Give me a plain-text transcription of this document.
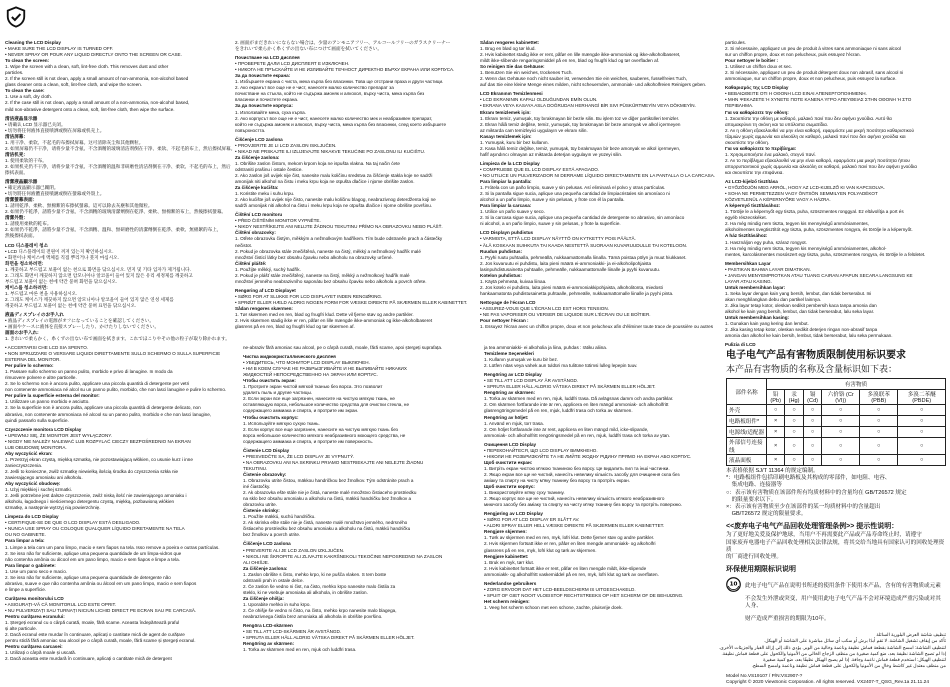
Cleaning the LCD Display

• MAKE SURE THE LCD DISPLAY IS TURNED OFF.

• NEVER SPRAY OR POUR ANY LIQUID DIRECTLY ONTO THE SCREEN OR CASE.

To clean the screen:

1. Wipe the screen with a clean, soft, lint-free cloth. This removes dust and other

particles.

2. If the screen still is not clean, apply a small amount of non-ammonia, non-alcohol based

glass cleaner onto a clean, soft, lint-free cloth, and wipe the screen.

To clean the case:

1. Use a soft, dry cloth.

2. If the case still is not clean, apply a small amount of a non-ammonia, non-alcohol based,

mild non-abrasive detergent onto a clean, soft, lint-free cloth, then wipe the surface.

清洁液晶显示器

• 请确认 LCD 显示器已关闭。

• 切勿将任何液体直接喷洒或倒在屏幕或机壳上。

清洁屏幕：

1. 用干净、柔软、不起毛的布擦拭屏幕。这可清除灰尘和其他颗粒。

2. 如果屏幕仍不干净，请将少量不含氨、不含酒精的玻璃清洁剂倒在干净、柔软、不起毛的布上，然后擦拭屏幕。

清洁机壳：

1. 使用柔软的干布。

2. 如果机壳仍不干净，请将少量不含氨、不含酒精的温和非研磨性清洁剂倒在干净、柔软、不起毛的布上，然后

擦拭表面。

清潔液晶顯示器

• 確定液晶顯示器已關閉。

• 切勿將任何液體直接噴灑或倒在螢幕或外殼上。

清潔螢幕表面：

1. 請用乾淨、柔軟、無棉絮的布擦拭螢幕。這可以除去灰塵和其他微粒。

2. 如果仍不乾淨，請將少量不含氨、不含酒精的玻璃清潔劑倒在乾淨、柔軟、無棉絮的布上，然後擦拭螢幕。

清潔外殼：

1. 請使用柔軟的乾布。

2. 如果仍不乾淨，請將少量不含氨、不含酒精、溫和、無研磨性的清潔劑倒在乾淨、柔軟、無棉絮的布上，

然後擦拭表面。

LCD 디스플레이 청소

• LCD 디스플레이의 전원이 꺼져 있는지 확인하십시오.

• 화면이나 케이스에 액체를 직접 뿌리거나 붓지 마십시오.

화면을 청소하려면:

1. 깨끗하고 부드럽고 보풀이 없는 천으로 화면을 닦으십시오. 먼지 및 기타 입자가 제거됩니다.

2. 그래도 화면이 깨끗하지 않으면 암모니아나 알코올이 들어 있지 않은 유리 세정제를 깨끗하고

부드럽고 보풀이 없는 천에 약간 묻혀 화면을 닦으십시오.

케이스를 청소하려면:

1. 부드럽고 마른 천을 사용하십시오.

2. 그래도 케이스가 깨끗하지 않으면 암모니아나 알코올이 들어 있지 않은 연성 세제를

깨끗하고 부드럽고 보풀이 없는 천에 약간 묻혀 표면을 닦으십시오.

液晶ディスプレイのお手入れ

• 液晶ディスプレイの電源がオフになっていることを確認してください。

• 画面やケースに液体を直接スプレーしたり、かけたりしないでください。

画面のお手入れ:

1. きれいで柔らかく、糸くずの出ない布で画面を拭きます。これでほこりやその他の粒子が取り除かれます。

2. 画面がまだきれいにならない場合は、少量のアンモニアフリー、アルコールフリーのガラスクリーナー

をきれいで柔らかく糸くずの出ない布につけて画面を拭いてください。

Почистване на LCD дисплея

• ПРОВЕРЕТЕ ДАЛИ LCD ДИСПЛЕЯТ Е ИЗКЛЮЧЕН.

• НИКОГА НЕ ПРЪСКАЙТЕ И НЕ ИЗЛИВАЙТЕ ТЕЧНОСТ ДИРЕКТНО ВЪРХУ ЕКРАНА ИЛИ КОРПУСА.

За да почистите екрана:

1. Избършете екрана с чиста, мека кърпа без власинки. Това ще отстрани праха и други частици.

2. Ако екранът все още не е чист, нанесете малко количество препарат за

почистване на стъкла, който не съдържа амоняк и алкохол, върху чиста, мека кърпа без

власинки и почистете екрана.

За да почистите корпуса:

1. Използвайте мека, суха кърпа.

2. Ако корпусът все още не е чист, нанесете малко количество мек и неабразивен препарат,

който не съдържа амоняк и алкохол, върху чиста, мека кърпа без власинки, след което избършете

повърхността.

Čišćenje LCD zaslona

• PROVJERITE JE LI LCD ZASLON ISKLJUČEN.

• NIKAD NE PRSKAJTE ILI IZLIJEVAJTE NIKAKVE TEKUĆINE PO ZASLONU ILI KUĆIŠTU.

Za čišćenje zaslona:

1. Obrišite zaslon čistom, mekom krpom koja ne ispušta vlakna. Na taj način ćete

odstraniti prašinu i ostale čestice.

2. Ako zaslon još uvijek nije čist, nanesite malu količinu sredstva za čišćenje stakla koje ne sadrži

amonijak niti alkohol na čistu i meku krpu koja ne otpušta dlačice i njome obrišite zaslon.

Za čišćenje kućišta:

1. Koristite meku i suhu krpu.

2. Ako kućište još uvijek nije čisto, nanesite malu količinu blagog, neabrazivnog deterdženta koji ne

sadrži amonijak niti alkohol na čistu i meku krpu koja ne otpušta dlačice i njome obrišite površinu.

Čištění LCD monitoru

• PŘED ČIŠTĚNÍM MONITOR VYPNĚTE.

• NIKDY NESTŘÍKEJTE ANI NELIJTE ŽÁDNOU TEKUTINU PŘÍMO NA OBRAZOVKU NEBO PLÁŠŤ.

Čištění obrazovky:

1. Otřete obrazovku čistým, měkkým a nežmolkovým hadříkem. Tím bude odstraněn prach a částečky

nečistot.

2. Pokud je obrazovka stále znečištěná, naneste na čistý, měkký a nežmolkový hadřík malé

množství čisticí látky bez obsahu čpavku nebo alkoholu na obrazovky určené.

Čištění pláště:

1. Použijte měkký, suchý hadřík.

2. Pokud je plášť stále znečištěný, naneste na čistý, měkký a nežmolkový hadřík malé

množství jemného neabrazivního saponátu bez obsahu čpavku nebo alkoholu a povrch otřete.

Rengøring af LCD Displayet

• SØRG FOR AT SLUKKE FOR LCD DISPLAYET INDEN RENGØRING.

• SPRØJT ELLER HÆLD ALDRIG NOGEN FORM FOR VÆSKE DIREKTE PÅ SKÆRMEN ELLER KABINETTET.

Sådan rengøres skærmen:

1. Tør skærmen med en ren, blød og fnugfri klud. Dette vil fjerne støv og andre partikler.

2. Hvis skærmen stadig ikke er ren, påfør en lille mængde ikke-ammoniak og ikke-alkoholbaseret

glasrens på en ren, blød og fnugfri klud og tør skærmen af.

Sådan rengøres kabinettet:

1. Brug en blød og tør klud.

2. Hvis kabinettet stadig ikke er rent, påfør en lille mængde ikke-ammoniak og ikke-alkoholbaseret,

mildt ikke-slibende rengøringsmiddel på en ren, blød og fnugfri klud og tør overfladen af.

So reinigen Sie das Gehäuse:

1. Benutzen Sie ein weiches, trockenes Tuch.

2. Wenn das Gehäuse noch nicht sauber ist, verwenden Sie ein weiches, sauberes, fusselfreies Tuch,

auf das Sie eine kleine Menge eines milden, nicht scheuernden, ammoniak- und alkoholfreien Reinigers geben.

LCD Ekranının Temizlenmesi

• LCD EKRANININ KAPALI OLDUĞUNDAN EMİN OLUN.

• EKRANA VEYA KASAYA ASLA DOĞRUDAN HERHANGİ BİR SIVI PÜSKÜRTMEYİN VEYA DÖKMEYİN.

Ekranı temizlemek için:

1. Ekranı temiz, yumuşak, tüy bırakmayan bir bezle silin. Bu işlem toz ve diğer partikülleri temizler.

2. Ekran hâlâ temiz değilse, temiz, yumuşak, tüy bırakmayan bir beze amonyak ve alkol içermeyen

az miktarda cam temizleyici uygulayın ve ekranı silin.

Kasayı temizlemek için:

1. Yumuşak, kuru bir bez kullanın.

2. Kasa hâlâ temiz değilse, temiz, yumuşak, tüy bırakmayan bir beze amonyak ve alkol içermeyen,

hafif aşındırıcı olmayan az miktarda deterjan uygulayın ve yüzeyi silin.

Limpieza de la LCD Display

• COMPRUEBE QUE EL LCD DISPLAY ESTÁ APAGADO.

• NO UTILICE UN PULVERIZADOR NI DERRAME LÍQUIDO DIRECTAMENTE EN LA PANTALLA O LA CARCASA.

Para limpiar la pantalla:

1. Frótela con un paño limpio, suave y sin pelusas. Así eliminará el polvo y otras partículas.

2. Si la pantalla sigue sucia, aplique una pequeña cantidad de limpiacristales sin amoníaco ni

alcohol a un paño limpio, suave y sin pelusas, y frote con él la pantalla.

Para limpiar la carcasa:

1. Utilice un paño suave y seco.

2. Si la carcasa sigue sucia, aplique una pequeña cantidad de detergente no abrasivo, sin amoníaco

ni alcohol, a un paño limpio, suave y sin pelusas, y frote la superficie.

LCD Displayn puhdistus

• VARMISTA, ETTÄ LCD DISPLAY NÄYTTÖ ON KYTKETTY POIS PÄÄLTÄ.

• ÄLÄ KOSKAAN SUIHKUTA TAI KAADA NESTETTÄ SUORAAN KUVARUUDULLE TAI KOTELOON.

Ruudun puhdistus:

1. Pyyhi ruutu puhtaalla, pehmeällä, nukkaamattomalla liinalla. Tämä poistaa pölyn ja muut hiukkaset.

2. Jos kuvaruutu ei puhdistu, laita pieni määrä ei-ammoniakki- ja ei-alkoholipohjaista

lasinpuhdistusainetta puhtaalle, pehmeälle, nukkaamattomalle liinalle ja pyyhi kuvaruutu.

Kotelon puhdistus:

1. Käytä pehmeää, kuivaa liinaa.

2. Jos kotelo ei puhdistu, laita pieni määrä ei-ammoniakkipohjaista, alkoholitonta, miedosti

hankaamatonta puhdistusainetta puhtaalle, pehmeälle, nukkaamattomalle liinalle ja pyyhi pinta.

Nettoyage de l'écran LCD

• ASSUREZ-VOUS QUE L'ÉCRAN LCD EST HORS TENSION.

• NE PAS VAPORISER OU VERSER DE LIQUIDE SUR L'ÉCRAN OU LE BOÎTIER.

Pour nettoyer l'écran :

1. Essuyez l'écran avec un chiffon propre, doux et non pelucheux afin d'éliminer toute trace de poussière ou autres

particules.

2. Si nécessaire, appliquez un peu de produit à vitres sans ammoniaque ni sans alcool

sur un chiffon propre, doux et non pelucheux, puis essuyez l'écran.

Pour nettoyer le boîtier :

1. Utilisez un chiffon doux et sec.

2. Si nécessaire, appliquez un peu de produit détergent doux non abrasif, sans alcool ni

ammoniaque, sur un chiffon propre, doux et non pelucheux, puis essuyez la surface.

Καθαρισμός της LCD Display

• ΒΕΒΑΙΩΘΕΙΤΕ ΟΤΙ Η ΟΘΟΝΗ LCD ΕΙΝΑΙ ΑΠΕΝΕΡΓΟΠΟΙΗΜΕΝΗ.

• ΜΗΝ ΨΕΚΑΖΕΤΕ Ή ΧΥΝΕΤΕ ΠΟΤΕ ΚΑΝΕΝΑ ΥΓΡΟ ΑΠΕΥΘΕΙΑΣ ΣΤΗΝ ΟΘΟΝΗ Ή ΣΤΟ

ΠΕΡΙΒΛΗΜΑ.

Για να καθαρίσετε την οθόνη:

1. Σκουπίστε την οθόνη με καθαρό, μαλακό πανί που δεν αφήνει χνούδια. Αυτό θα

απομακρύνει τη σκόνη και τα υπόλοιπα σωματίδια.

2. Αν η οθόνη εξακολουθεί να μην είναι καθαρή, εφαρμόστε μια μικρή ποσότητα καθαριστικού

τζαμιών χωρίς αμμωνία και αλκοόλη σε καθαρό, μαλακό πανί που δεν αφήνει χνούδια και

σκουπίστε την οθόνη.

Για να καθαρίσετε το περίβλημα:

1. Χρησιμοποιήστε ένα μαλακό, στεγνό πανί.

2. Αν το περίβλημα εξακολουθεί να μην είναι καθαρό, εφαρμόστε μια μικρή ποσότητα ήπιου

απορρυπαντικού χωρίς αμμωνία και αλκοόλη σε καθαρό, μαλακό πανί που δεν αφήνει χνούδια

και σκουπίστε την επιφάνεια.

Az LCD-kijelző tisztítása

• GYŐZŐDJÖN MEG ARRÓL, HOGY AZ LCD-KIJELZŐ KI VAN KAPCSOLVA.

• SOHA NE PERMETEZZEN VAGY ÖNTSÖN SEMMILYEN FOLYADÉKOT

KÖZVETLENÜL A KÉPERNYŐRE VAGY A HÁZRA.

A képernyő tisztításához:

1. Törölje le a képernyőt egy tiszta, puha, szöszmentes ronggyal. Ez eltávolítja a port és

egyéb részecskéket.

2. Ha még mindig nem tiszta, tegyen kis mennyiségű ammóniamentes,

alkoholmentes üvegtisztítót egy tiszta, puha, szöszmentes rongyra, és törölje le a képernyőt.

A ház tisztításához:

1. Használjon egy puha, száraz rongyot.

2. Ha még mindig nem tiszta, tegyen kis mennyiségű ammóniamentes, alkohol-

mentes, karcolásmentes mosószert egy tiszta, puha, szöszmentes rongyra, és törölje le a felületet.

Membersihkan Layar

• PASTIKAN BAHWA LAYAR DIMATIKAN.

• JANGAN MENYEMPROTKAN ATAU TUANG CAIRAN APAPUN SECARA LANGSUNG KE

LAYAR ATAU KASING.

Untuk membersihkan layar:

1. Seka layar dengan kain yang bersih, lembut, dan tidak berserabut. Ini

akan menghilangkan debu dan partikel lainnya.

2. Jika layar tetap kotor, oleskan sedikit pembersih kaca tanpa amonia dan

alkohol ke kain yang bersih, lembut, dan tidak berserabut, lalu seka layar.

Untuk membersihkan kasing:

1. Gunakan kain yang kering dan lembut.

2. Jika kasing tetap kotor, oleskan sedikit deterjen ringan non-abrasif tanpa

amonia dan alkohol ke kain bersih, lembut, tidak berserabut, lalu seka permukaan.

Pulizia di LCD

• ACCERTARSI CHE LCD SIA SPENTO.

• NON SPRUZZARE O VERSARE LIQUIDI DIRETTAMENTE SULLO SCHERMO O SULLA SUPERFICIE

ESTERNA DEL MONITOR.

Per pulire lo schermo:

1. Passare sullo schermo un panno pulito, morbido e privo di lanugine. In modo da

rimuovere polvere e altre particelle.

2. Se lo schermo non è ancora pulito, applicare una piccola quantità di detergente per vetri

non contenente ammoniaca né alcol su un panno pulito, morbido, che non lasci lanugine e pulire lo schermo.

Per pulire la superficie esterna del monitor:

1. Utilizzare un panno morbido e asciutto.

2. Se la superficie non è ancora pulita, applicare una piccola quantità di detergente delicato, non

abrasivo, non contenente ammoniaca né alcool su un panno pulito, morbido e che non lasci lanugine,

quindi passarlo sulla superficie.

Czyszczenie monitora LCD Display

• UPEWNIJ SIĘ, ŻE MONITOR JEST WYŁĄCZONY.

• NIGDY NIE NALEŻY NALEWAĆ LUB ROZPYLAĆ CIECZY BEZPOŚREDNIO NA EKRAN

LUB OBUDOWĘ MONITORA.

Aby wyczyścić ekran:

1. Przetrzyj ekran czystą, miękką szmatką, nie pozostawiającą włókien, co usunie kurz i inne

zanieczyszczenia.

2. Jeśli to konieczne, zwilż szmatkę niewielką ilością środka do czyszczenia szkła nie

zawierającego amoniaku ani alkoholu.

Aby wyczyścić obudowę:

1. Użyj miękkiej i suchej szmatki.

2. Jeśli potrzebne jest dalsze czyszczenie, zwilż niską ilość nie zawierającego amoniaku i

alkoholu, łagodnego i nieściernego detergentu czystą, miękką, pozbawioną włókien

szmatkę, a następnie wytrzyj nią powierzchnię.

Limpeza do LCD Display

• CERTIFIQUE-SE DE QUE O LCD DISPLAY ESTÁ DESLIGADO.

• NUNCA USE SPRAY OU COLOQUE QUALQUER LÍQUIDO DIRETAMENTE NA TELA

OU NO GABINETE.

Para limpar a tela:

1. Limpe a tela com um pano limpo, macio e sem fiapos na tela. Isso remove a poeira e outras partículas.

2. Se isso não for suficiente, aplique uma pequena quantidade de um limpa-vidros que

não contenha amônia ou álcool em um pano limpo, macio e sem fiapos e limpe a tela.

Para limpar o gabinete:

1. Use um pano seco e macio.

2. Se isso não for suficiente, aplique uma pequena quantidade de detergente não

abrasivo, suave e que não contenha amônia ou álcool em um pano limpo, macio e sem fiapos

e limpe a superfície.

Curățarea monitorului LCD

• ASIGURAȚI-VĂ CĂ MONITORUL LCD ESTE OPRIT.

• NU PULVERIZAȚI SAU TURNAȚI NICIUN LICHID DIRECT PE ECRAN SAU PE CARCASĂ.

Pentru curățarea ecranului:

1. Ștergeți ecranul cu o cârpă curată, moale, fără scame. Aceasta îndepărtează praful

și alte particule.

2. Dacă ecranul este murdar în continuare, aplicați o cantitate mică de agent de curățare

pentru sticlă fără amoniac sau alcool pe o cârpă curată, moale, fără scame și ștergeți ecranul.

Pentru curățarea carcasei:

1. Utilizați o cârpă moale și uscată.

2. Dacă aceasta este murdară în continuare, aplicați o cantitate mică de detergent

ne-abraziv fără amoniac sau alcool, pe o cârpă curată, moale, fără scame, apoi ștergeți suprafața.

Чистка жидкокристаллического дисплея

• УБЕДИТЕСЬ, ЧТО МОНИТОР LCD DISPLAY ВЫКЛЮЧЕН.

• НИ В КОЕМ СЛУЧАЕ НЕ РАЗБРЫЗГИВАЙТЕ И НЕ ВЫЛИВАЙТЕ НИКАКИХ

ЖИДКОСТЕЙ НЕПОСРЕДСТВЕННО НА ЭКРАН ИЛИ КОРПУС.

Чтобы очистить экран:

1. Протрите экран чистой мягкой тканью без ворса. Это позволит

удалить пыль и другие частицы.

2. Если экран все еще загрязнен, нанесите на чистую мягкую ткань, не

оставляющую ворса, небольшое количество средства для очистки стекла, не

содержащего аммиака и спирта, и протрите им экран.

Чтобы очистить корпус:

1. Используйте мягкую сухую ткань.

2. Если корпус все еще загрязнен, нанесите на чистую мягкую ткань без

ворса небольшое количество мягкого неабразивного моющего средства, не

содержащего аммиака и спирта, и протрите им поверхность.

Čistenie LCD Display

• PRESVEDČTE SA, ŽE LCD DISPLAY JE VYPNUTÝ.

• NA OBRAZOVKU ANI NA SKRINKU PRIAMO NESTRIEKAJTE ANI NELEJTE ŽIADNU

TEKUTINU.

Čistenie obrazovky:

1. Obrazovku utrite čistou, mäkkou handričkou bez žmolkov. Tým odstránite prach a

iné čiastočky.

2. Ak obrazovka ešte stále nie je čistá, naneste malé množstvo čistiaceho prostriedku

na sklo bez obsahu amoniaku a alkoholu na čistú, mäkkú handričku bez žmolkov a

obrazovku utrite.

Čistenie skrinky:

1. Použite mäkkú, suchú handričku.

2. Ak skrinka ešte stále nie je čistá, naneste malé množstvo jemného, nedrsného

čistiaceho prostriedku bez obsahu amoniaku a alkoholu na čistú, mäkkú handričku

bez žmolkov a povrch utrite.

Čiščenje LCD zaslona

• PREVERITE ALI JE LCD ZASLON IZKLJUČEN.

• NIKOLI NE ŠKROPITE ALI ZLIVAJTE KAKRŠNEKOLI TEKOČINE NEPOSREDNO NA ZASLON

ALI OHIŠJE.

Za čiščenje zaslona:

1. Zaslon obrišite s čisto, mehko krpo, ki ne pušča vlaken. S tem boste

odstranili prah in ostale delce.

2. Če zaslon še vedno ni čist, na čisto, mehko krpo nanesite malo čistila za

steklo, ki ne vsebuje amoniaka ali alkohola, in obrišite zaslon.

Za čiščenje ohišja:

1. Uporabite mehko in suho krpo.

2. Če ohišje še vedno ni čisto, na čisto, mehko krpo nanesite malo blagega,

neabrazivnega čistila brez amoniaka ali alkohola in obrišite površino.

Rengöra LCD-skärmen

• SE TILL ATT LCD-SKÄRMEN ÄR AVSTÄNGD.

• SPRUTA ELLER HÄLL ALDRIG VÄTSKA DIREKT PÅ SKÄRMEN ELLER HÖLJET.

Rengöring av skärmen:

1. Torka av skärmen med en ren, mjuk och luddfri trasa.

ja tea ammoniakki- ei alkoholia ja liina, puhdas : rätiku aliina.

Temizleme Seçenekleri

1. Kullanın yumuşak ve kuru bir bez.

2. Lütfen nitas veya vahek aun tuldüri ma tulitüne tütimsi lulleg lepepin tuuv.

Rengöring av LCD Display

• SE TILL ATT LCD DISPLAY ÄR AVSTÄNGD.

• SPRUTA ELLER HÄLL ALDRIG VÄTSKA DIREKT PÅ SKÄRMEN ELLER HÖLJET.

Rengöring av skärmen:

1. Torka av skärmen med en ren, mjuk, luddfri trasa. Då avlägsnas damm och andra partiklar.

2. Om skärmen fortfarande inte är ren, applicera en liten mängd ammoniak- och alkoholfritt

glasrengöringsmedel på en ren, mjuk, luddfri trasa och torka av skärmen.

Rengöring av höljet:

1. Använd en mjuk, torr trasa.

2. Om höljet fortfarande inte är rent, applicera en liten mängd mild, icke-slipande,

ammoniak- och alkoholfritt rengöringsmedel på en ren, mjuk, luddfri trasa och torka av ytan.

Очищення LCD Display

• ПЕРЕКОНАЙТЕСЯ, ЩО LCD DISPLAY ВИМКНЕНО.

• НІКОЛИ НЕ РОЗБРИЗКУЙТЕ ТА НЕ ЛИЙТЕ ЖОДНУ РІДИНУ ПРЯМО НА ЕКРАН АБО КОРПУС.

Щоб очистити екран:

1. Витріть екран чистою м'якою тканиною без ворсу. Це видалить пил та інші частинки.

2. Якщо екран все ще не чистий, нанесіть невелику кількість засобу для очищення скла без

аміаку та спирту на чисту м'яку тканину без ворсу та протріть екран.

Щоб очистити корпус:

1. Використовуйте м'яку суху тканину.

2. Якщо корпус все ще не чистий, нанесіть невелику кількість м'якого неабразивного

миючого засобу без аміаку та спирту на чисту м'яку тканину без ворсу та протріть поверхню.

Rengjøring av LCD Display

• SØRG FOR AT LCD DISPLAY ER SLÅTT AV.

• ALDRI SPRAY ELLER HELL VÆSKE DIREKTE PÅ SKJERMEN ELLER KABINETTET.

Rengjøre skjermen:

1. Tørk av skjermen med en ren, myk, lofri klut. Dette fjerner støv og andre partikler.

2. Hvis skjermen fortsatt ikke er ren, påfør en liten mengde ammoniakk- og alkoholfri

glassrens på en ren, myk, lofri klut og tørk av skjermen.

Rengjøre kabinettet:

1. Bruk en myk, tørr klut.

2. Hvis kabinettet fortsatt ikke er rent, påfør en liten mengde mildt, ikke-slipende

ammoniakk- og alkoholfritt vaskemiddel på en ren, myk, lofri klut og tørk av overflaten.

Nederlandse gebruikers

• ZORG ERVOOR DAT HET LCD-BEELDSCHERM IS UITGESCHAKELD.

• SPUIT OF GIET NOOIT VLOEISTOF RECHTSTREEKS OP HET SCHERM OF DE BEHUIZING.

Het scherm reinigen:

1. Veeg het scherm schoon met een schone, zachte, pluisvrije doek.

电子电气产品有害物质限制使用标识要求
本产品有害物质的名称及含量标识如下表：
部件名称	有害物质					
	铅 (Pb)	汞 (Hg)	镉 (Cd)	六价铬 (Cr (VI))	多溴联苯 (PBB)	多溴二苯醚 (PBDE)
外壳	○	○	○	○	○	○
电路板组件*	×	○	○	○	○	○
电源线/适配器	×	○	○	○	○	○
外部信号连接线	×	○	○	○	○	○
液晶面板	×	○	○	○	○	○

本表格依据 SJ/T 11364 的规定编制。

*：电路板组件包括印刷电路板及其构成的零部件，如电阻、电容、

　集成电路、连接器等

○：表示该有害物质在该部件所有均质材料中的含量均在 GB/T26572 规定

　的限量要求以下。

×：表示该有害物质至少在该部件的某一均质材料中的含量超出

　GB/T26572 规定的限量要求。

<<废弃电子电气产品回收处理管理条例>> 提示性说明：

为了更好地关爱及保护地球，当用户不再需要此产品或产品寿命终止时，请遵守

国家废弃电器电子产品回收处理相关法律法规，将其交给当地具有国家认可的回收处理资质

的厂商进行回收处理。

环保使用期限标识说明
10 此电子电气产品在说明书所述的使用条件下使用本产品，含有的有害物质或元素

不会发生外泄或突变，用户使用此电子电气产品不会对环境造成严重污染或对其人身、

财产造成严重损害的期限为10年。

تنظيف شاشة العرض البلورية السائلة

تأكد من إيقاف تشغيل الشاشة. لا تقم أبدًا برش أو سكب أي سائل مباشرة على الشاشة أو الهيكل.

لتنظيف الشاشة: امسح الشاشة بقطعة قماش نظيفة وناعمة وخالية من الوبر. يؤدي ذلك إلى إزالة الغبار والجزيئات الأخرى.

إذا لم تصبح الشاشة نظيفة بعد، ضع كمية صغيرة من منظف الزجاج الخالي من الأمونيا والكحول على قطعة قماش نظيفة.

لتنظيف الهيكل: استخدم قطعة قماش ناعمة وجافة. إذا لم يصبح الهيكل نظيفًا بعد، ضع كمية صغيرة

من منظف معتدل غير كاشط وخالٍ من الأمونيا والكحول على قطعة قماش نظيفة وناعمة وامسح السطح.

Model No.VS19107 / P/N:VS2907-?

Copyright © 2020 ViewSonic Corporation. All rights reserved. VX2407-T_QSG_Rev.1a 21.11.24
